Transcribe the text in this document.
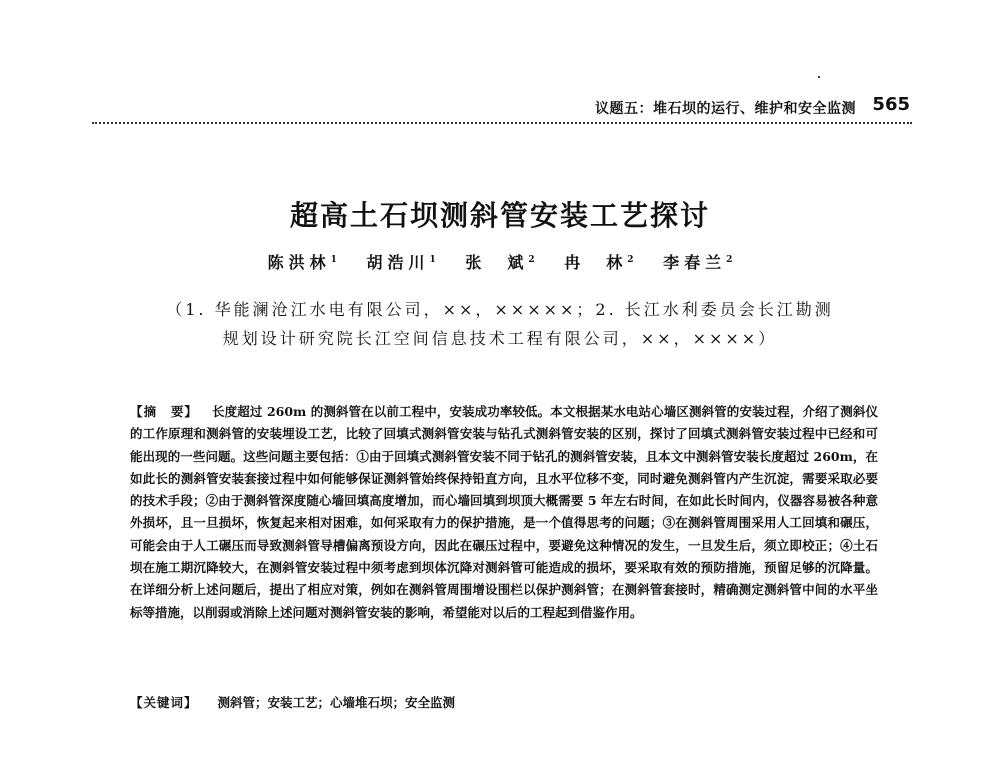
议题五：堆石坝的运行、维护和安全监测 565
超高土石坝测斜管安装工艺探讨
陈洪林$^1$ 胡浩川$^1$ 张　斌$^2$ 冉　林$^2$ 李春兰$^2$
（1. 华能澜沧江水电有限公司，××，×××××；2. 长江水利委员会长江勘测
规划设计研究院长江空间信息技术工程有限公司，××，××××）

【摘　要】 长度超过 260m 的测斜管在以前工程中，安装成功率较低。本文根据某水电站心墙区测斜管的安装过程，介绍了测斜仪的工作原理和测斜管的安装埋设工艺，比较了回填式测斜管安装与钻孔式测斜管安装的区别，探讨了回填式测斜管安装过程中已经和可能出现的一些问题。这些问题主要包括：①由于回填式测斜管安装不同于钻孔的测斜管安装，且本文中测斜管安装长度超过 260m，在如此长的测斜管安装套接过程中如何能够保证测斜管始终保持铅直方向，且水平位移不变，同时避免测斜管内产生沉淀，需要采取必要的技术手段；②由于测斜管深度随心墙回填高度增加，而心墙回填到坝顶大概需要 5 年左右时间，在如此长时间内，仪器容易被各种意外损坏，且一旦损坏，恢复起来相对困难，如何采取有力的保护措施，是一个值得思考的问题；③在测斜管周围采用人工回填和碾压，可能会由于人工碾压而导致测斜管导槽偏离预设方向，因此在碾压过程中，要避免这种情况的发生，一旦发生后，须立即校正；④土石坝在施工期沉降较大，在测斜管安装过程中须考虑到坝体沉降对测斜管可能造成的损坏，要采取有效的预防措施，预留足够的沉降量。在详细分析上述问题后，提出了相应对策，例如在测斜管周围增设围栏以保护测斜管；在测斜管套接时，精确测定测斜管中间的水平坐标等措施，以削弱或消除上述问题对测斜管安装的影响，希望能对以后的工程起到借鉴作用。

【关键词】 测斜管；安装工艺；心墙堆石坝；安全监测
